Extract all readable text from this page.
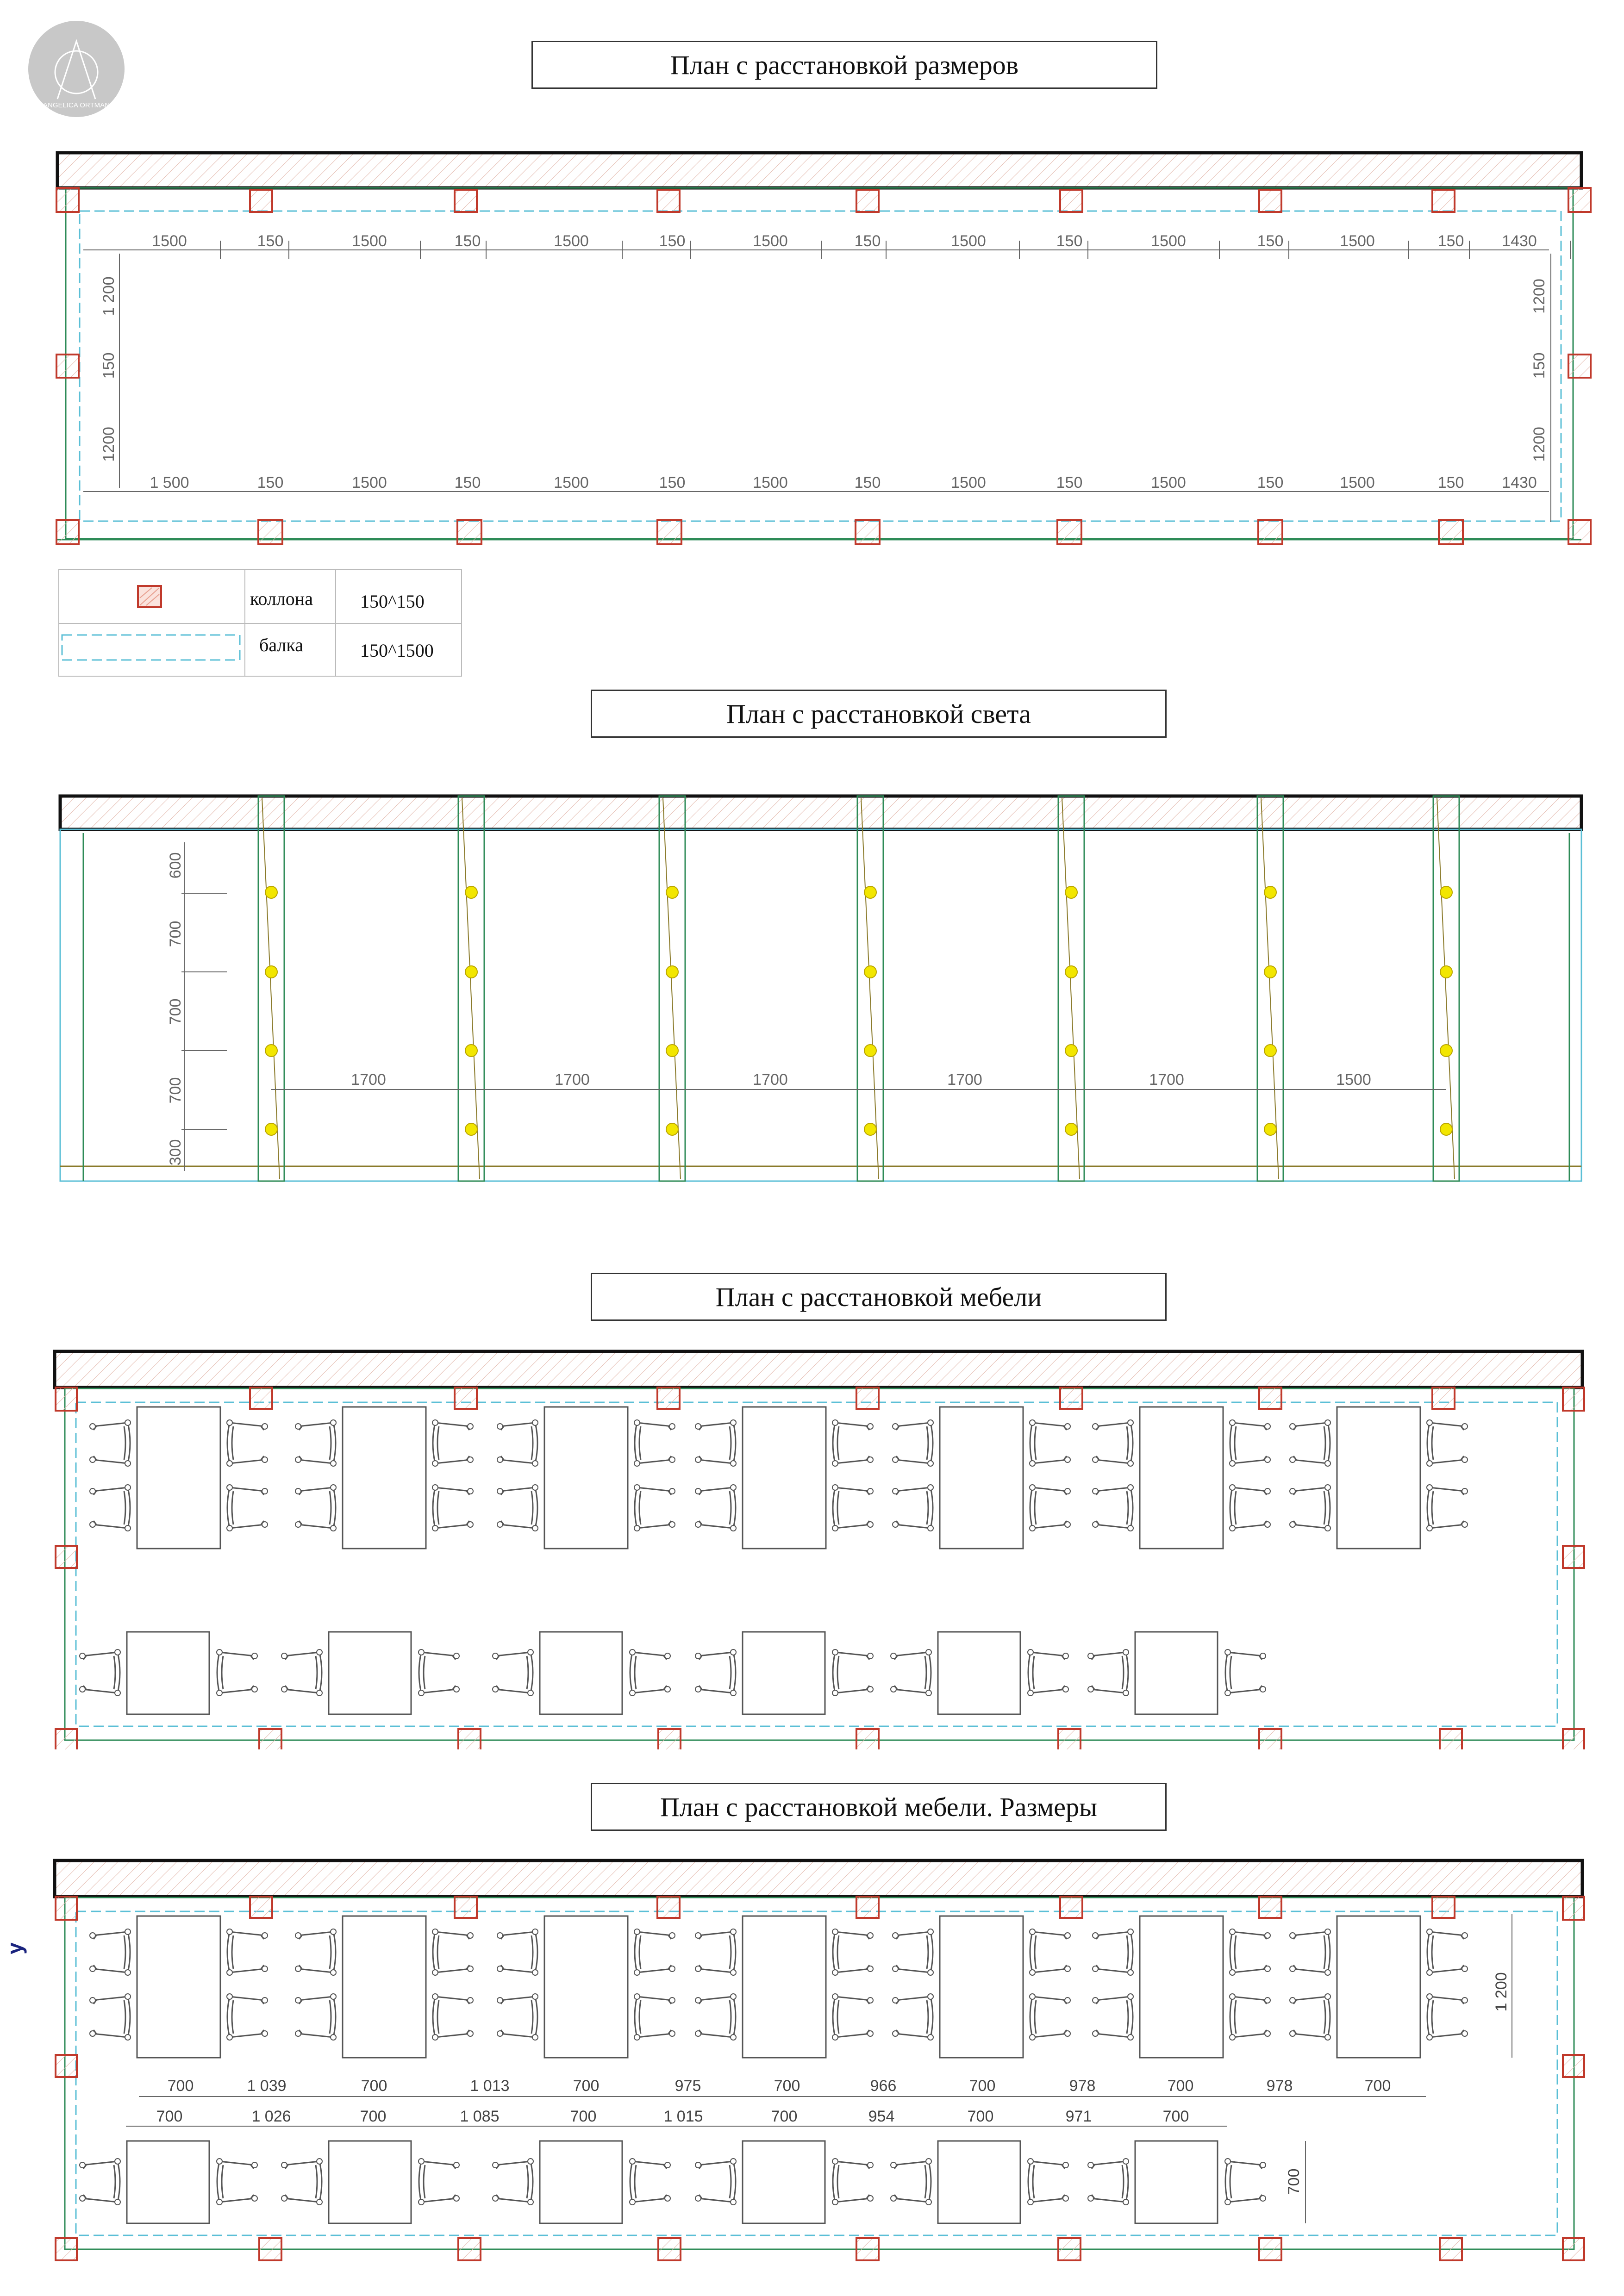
ANGELICA ORTMAN
План с расстановкой размеров
План с расстановкой света
План с расстановкой мебели
План с расстановкой мебели. Размеры
коллона	150^150
балка	150^1500
1500	150	1500	150	1500	150	1500	150	1500	150	1500	150	1500	150 1430
1 500	150	1500	150	1500	150	1500	150	1500	150	1500	150	1500	150 1430
1 200
150
1200
1200
150
1200
1700	1700	1700	1700	1700	1500
600
700
700
700
300
700	1 039	700	1 013	700	975	700	966	700	978	700	978	700
700	1 026	700	1 085	700	1 015	700	954	700	971	700
1 200
700
y
